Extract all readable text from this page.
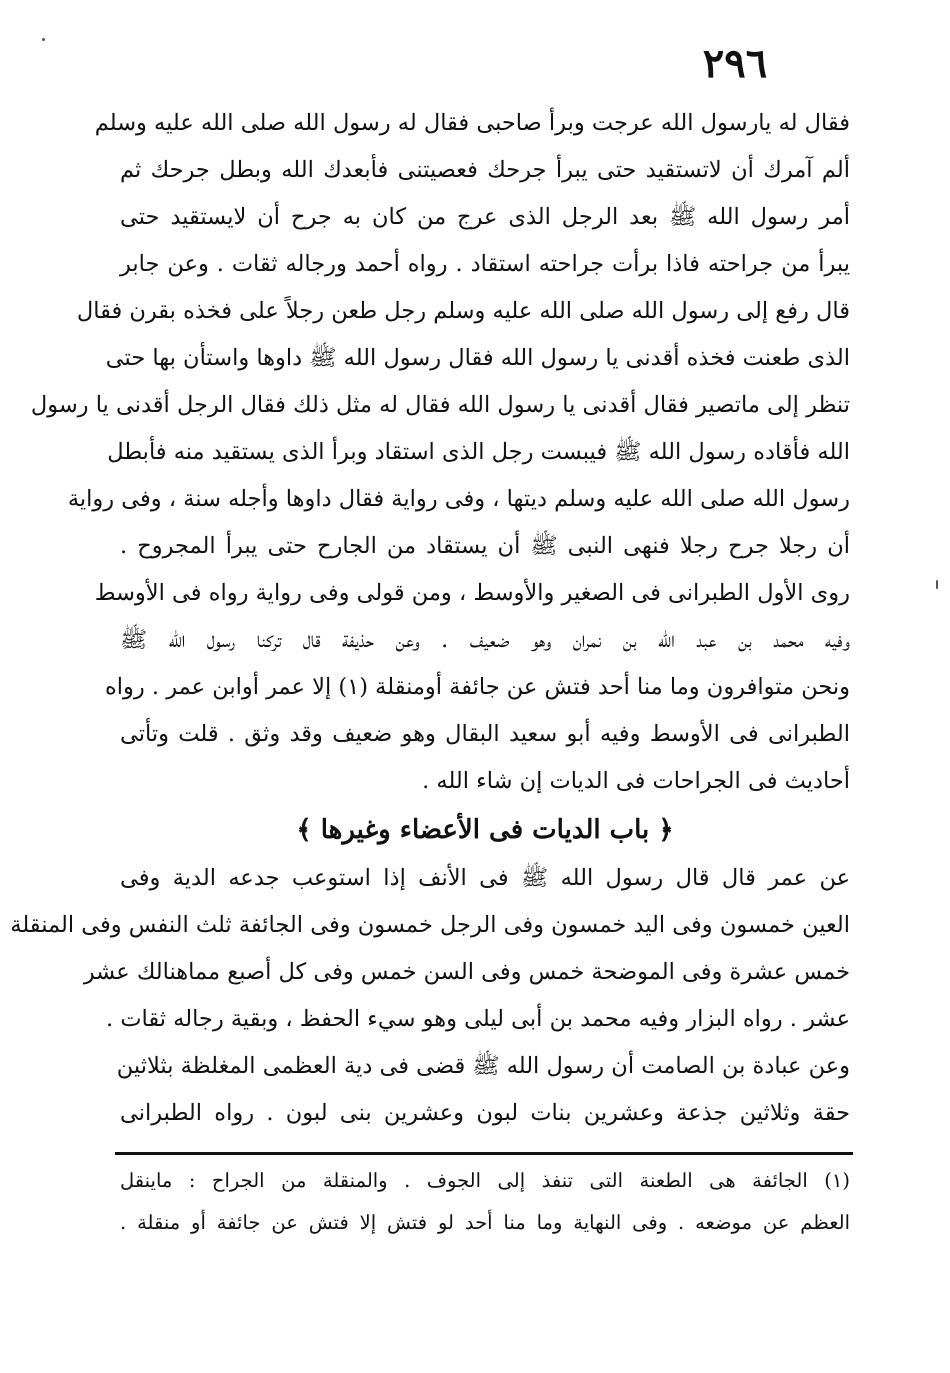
٢٩٦
فقال له يارسول الله عرجت وبرأ صاحبى فقال له رسول الله صلى الله عليه وسلم
ألم آمرك أن لاتستقيد حتى يبرأ جرحك فعصيتنى فأبعدك الله وبطل جرحك ثم
أمر رسول الله ﷺ بعد الرجل الذى عرج من كان به جرح أن لايستقيد حتى
يبرأ من جراحته فاذا برأت جراحته استقاد . رواه أحمد ورجاله ثقات . وعن جابر
قال رفع إلى رسول الله صلى الله عليه وسلم رجل طعن رجلاً على فخذه بقرن فقال
الذى طعنت فخذه أقدنى يا رسول الله فقال رسول الله ﷺ داوها واستأن بها حتى
تنظر إلى ماتصير فقال أقدنى يا رسول الله فقال له مثل ذلك فقال الرجل أقدنى يا رسول
الله فأقاده رسول الله ﷺ فيبست رجل الذى استقاد وبرأ الذى يستقيد منه فأبطل
رسول الله صلى الله عليه وسلم ديتها ، وفى رواية فقال داوها وأجله سنة ، وفى رواية
أن رجلا جرح رجلا فنهى النبى ﷺ أن يستقاد من الجارح حتى يبرأ المجروح .
روى الأول الطبرانى فى الصغير والأوسط ، ومن قولى وفى رواية رواه فى الأوسط
وفيه محمد بن عبد الله بن نمران وهو ضعيف . وعن حذيفة قال تركنا رسول الله ﷺ
ونحن متوافرون وما منا أحد فتش عن جائفة أومنقلة (١) إلا عمر أوابن عمر . رواه
الطبرانى فى الأوسط وفيه أبو سعيد البقال وهو ضعيف وقد وثق . قلت وتأتى
أحاديث فى الجراحات فى الديات إن شاء الله .
﴿ باب الديات فى الأعضاء وغيرها ﴾
عن عمر قال قال رسول الله ﷺ فى الأنف إذا استوعب جدعه الدية وفى
العين خمسون وفى اليد خمسون وفى الرجل خمسون وفى الجائفة ثلث النفس وفى المنقلة
خمس عشرة وفى الموضحة خمس وفى السن خمس وفى كل أصبع مماهنالك عشر
عشر . رواه البزار وفيه محمد بن أبى ليلى وهو سيء الحفظ ، وبقية رجاله ثقات .
وعن عبادة بن الصامت أن رسول الله ﷺ قضى فى دية العظمى المغلظة بثلاثين
حقة وثلاثين جذعة وعشرين بنات لبون وعشرين بنى لبون . رواه الطبرانى
(١) الجائفة هى الطعنة التى تنفذ إلى الجوف . والمنقلة من الجراح : ماينقل
العظم عن موضعه . وفى النهاية وما منا أحد لو فتش إلا فتش عن جائفة أو منقلة .
